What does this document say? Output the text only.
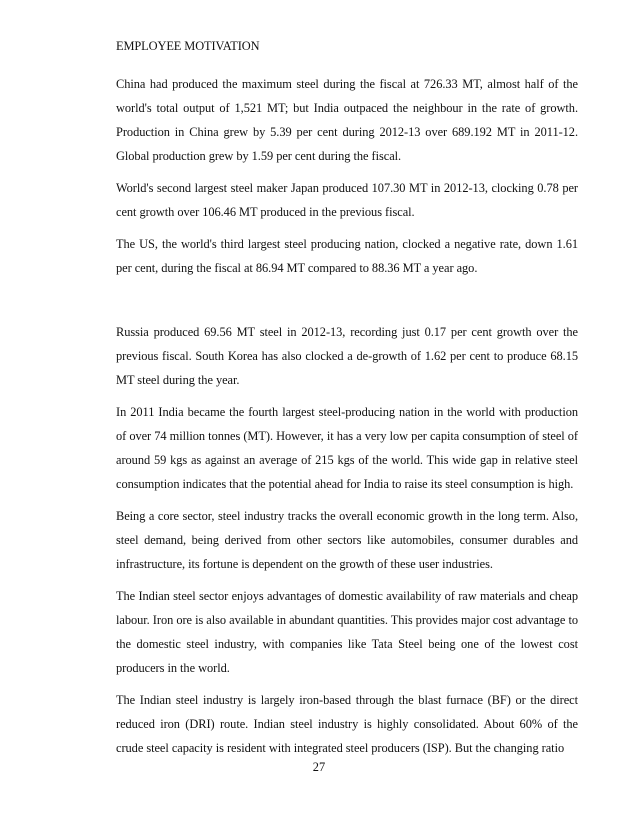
EMPLOYEE MOTIVATION

China had produced the maximum steel during the fiscal at 726.33 MT, almost half of the world's total output of 1,521 MT; but India outpaced the neighbour in the rate of growth. Production in China grew by 5.39 per cent during 2012-13 over 689.192 MT in 2011-12. Global production grew by 1.59 per cent during the fiscal.

World's second largest steel maker Japan produced 107.30 MT in 2012-13, clocking 0.78 per cent growth over 106.46 MT produced in the previous fiscal.

The US, the world's third largest steel producing nation, clocked a negative rate, down 1.61 per cent, during the fiscal at 86.94 MT compared to 88.36 MT a year ago.

Russia produced 69.56 MT steel in 2012-13, recording just 0.17 per cent growth over the previous fiscal. South Korea has also clocked a de-growth of 1.62 per cent to produce 68.15 MT steel during the year.

In 2011 India became the fourth largest steel-producing nation in the world with production of over 74 million tonnes (MT). However, it has a very low per capita consumption of steel of around 59 kgs as against an average of 215 kgs of the world. This wide gap in relative steel consumption indicates that the potential ahead for India to raise its steel consumption is high.

Being a core sector, steel industry tracks the overall economic growth in the long term. Also, steel demand, being derived from other sectors like automobiles, consumer durables and infrastructure, its fortune is dependent on the growth of these user industries.

The Indian steel sector enjoys advantages of domestic availability of raw materials and cheap labour. Iron ore is also available in abundant quantities. This provides major cost advantage to the domestic steel industry, with companies like Tata Steel being one of the lowest cost producers in the world.

The Indian steel industry is largely iron-based through the blast furnace (BF) or the direct reduced iron (DRI) route. Indian steel industry is highly consolidated. About 60% of the crude steel capacity is resident with integrated steel producers (ISP). But the changing ratio

27
